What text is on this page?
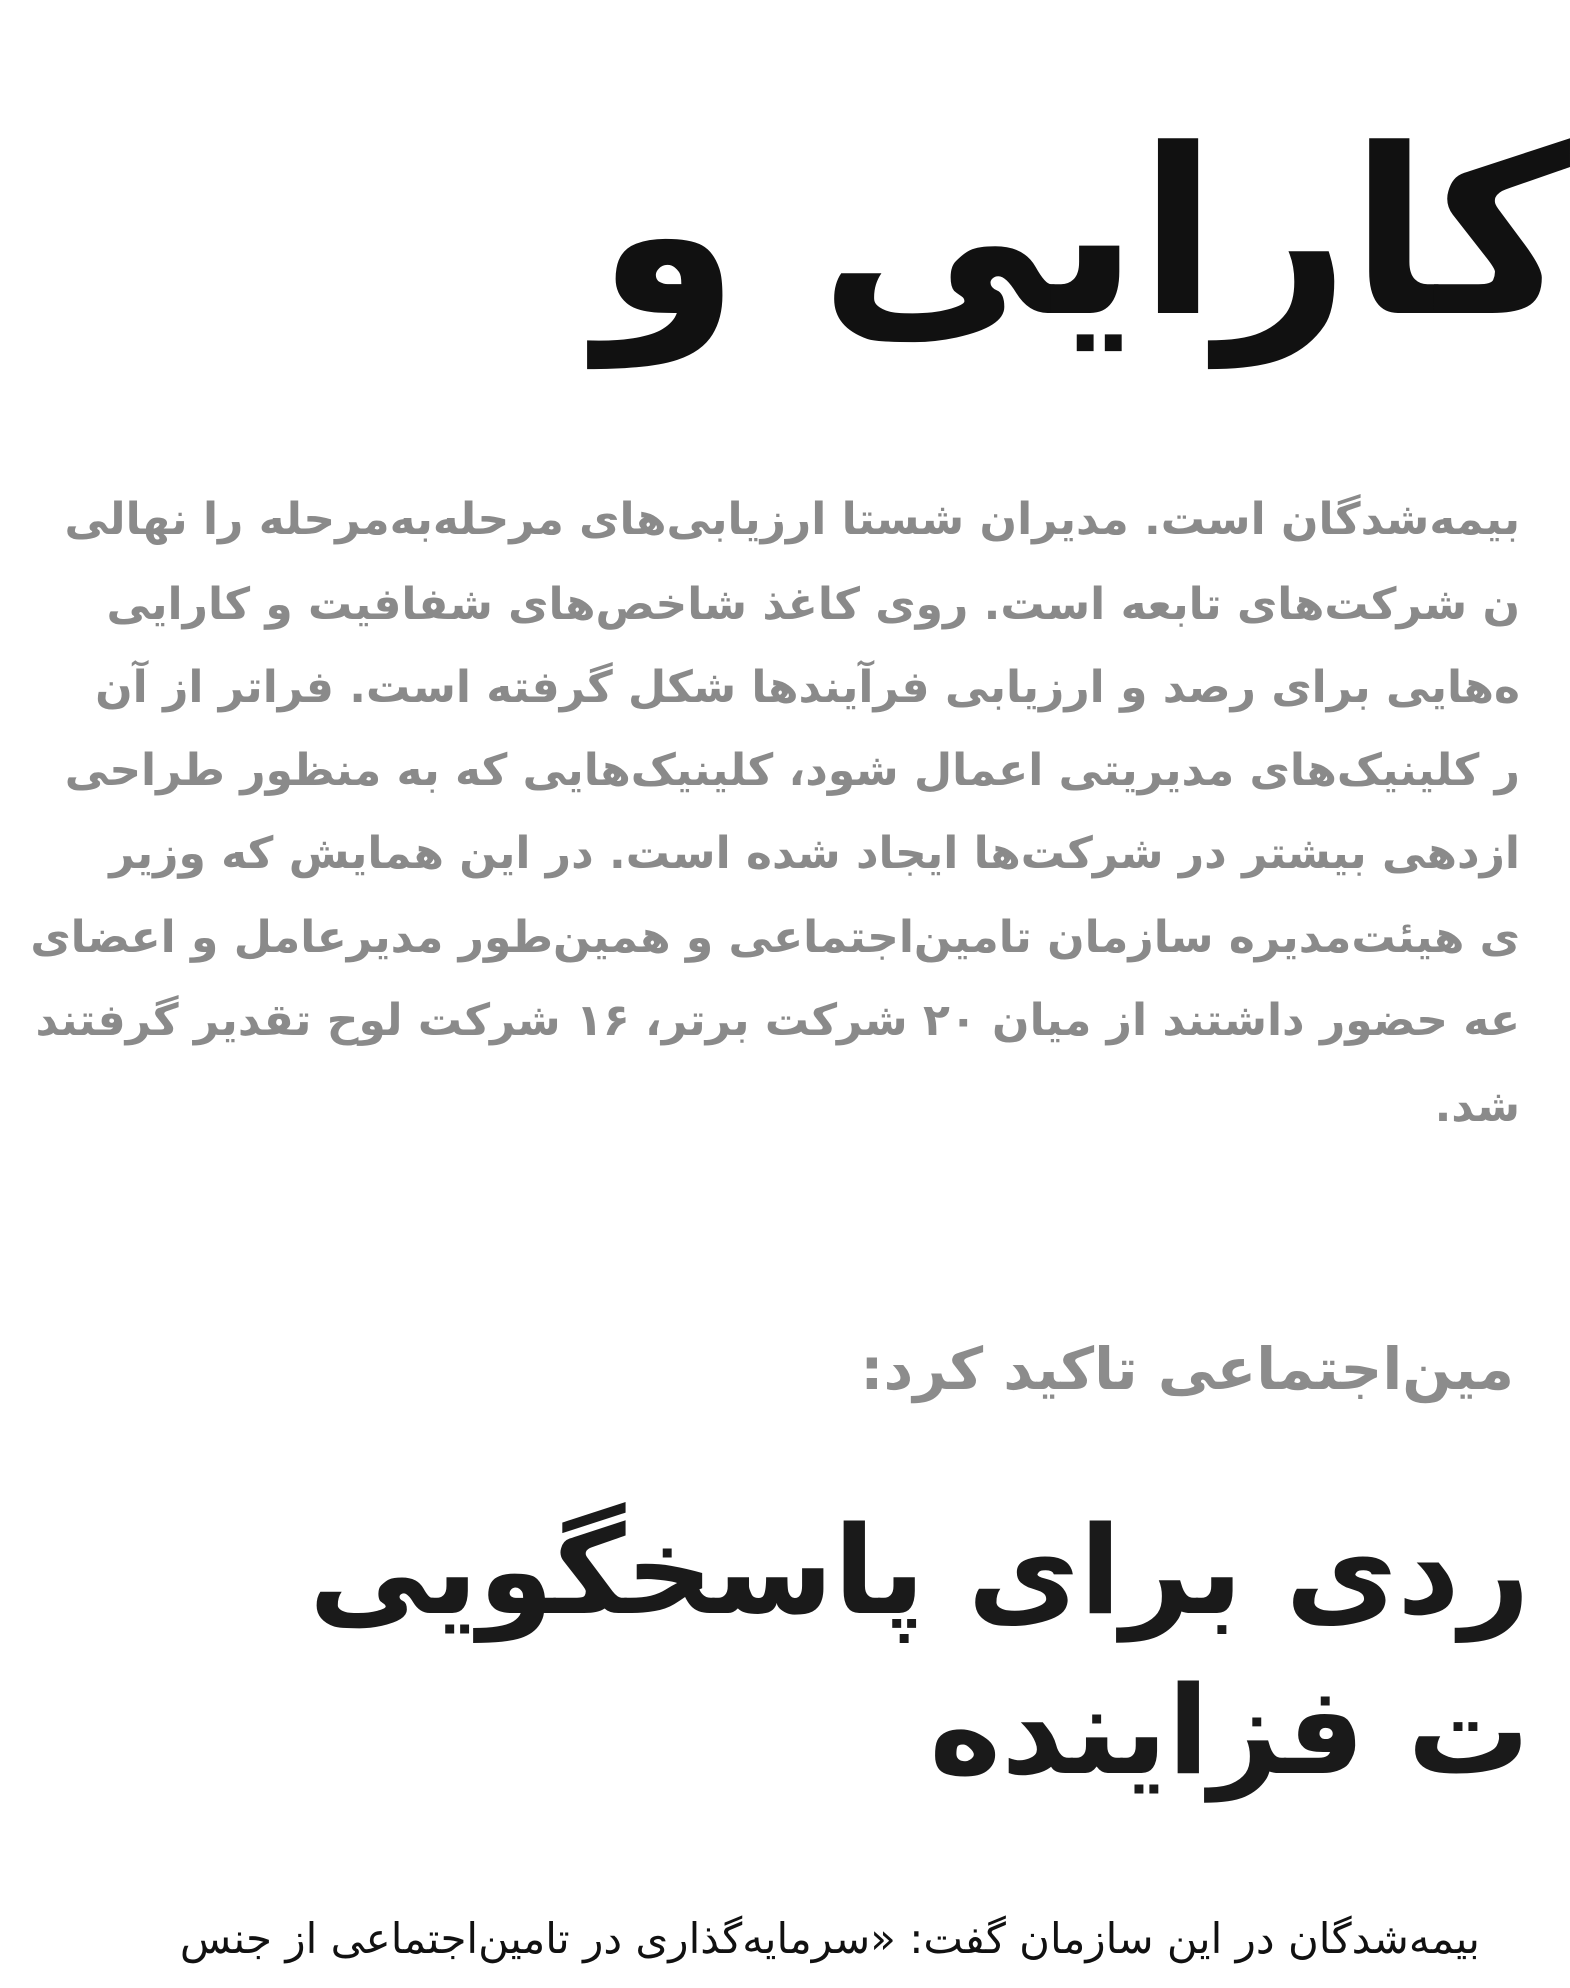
کارایی و
بیمه‌شدگان است. مدیران شستا ارزیابی‌های مرحله‌به‌مرحله را نهالی
ن شرکت‌های تابعه است. روی کاغذ شاخص‌های شفافیت و کارایی
ه‌هایی برای رصد و ارزیابی فرآیندها شکل گرفته است. فراتر از آن
ر کلینیک‌های مدیریتی اعمال شود، کلینیک‌هایی که به منظور طراحی
ازدهی بیشتر در شرکت‌ها ایجاد شده است. در این همایش که وزیر
ی هیئت‌مدیره سازمان تامین‌اجتماعی و همین‌طور مدیرعامل و اعضای
عه حضور داشتند از میان ۲۰ شرکت برتر، ۱۶ شرکت لوح تقدیر گرفتند
شد.
مین‌اجتماعی تاکید کرد:
ردی برای پاسخگویی
ت فزاینده
بیمه‌شدگان در این سازمان گفت: «سرمایه‌گذاری در تامین‌اجتماعی از جنس
